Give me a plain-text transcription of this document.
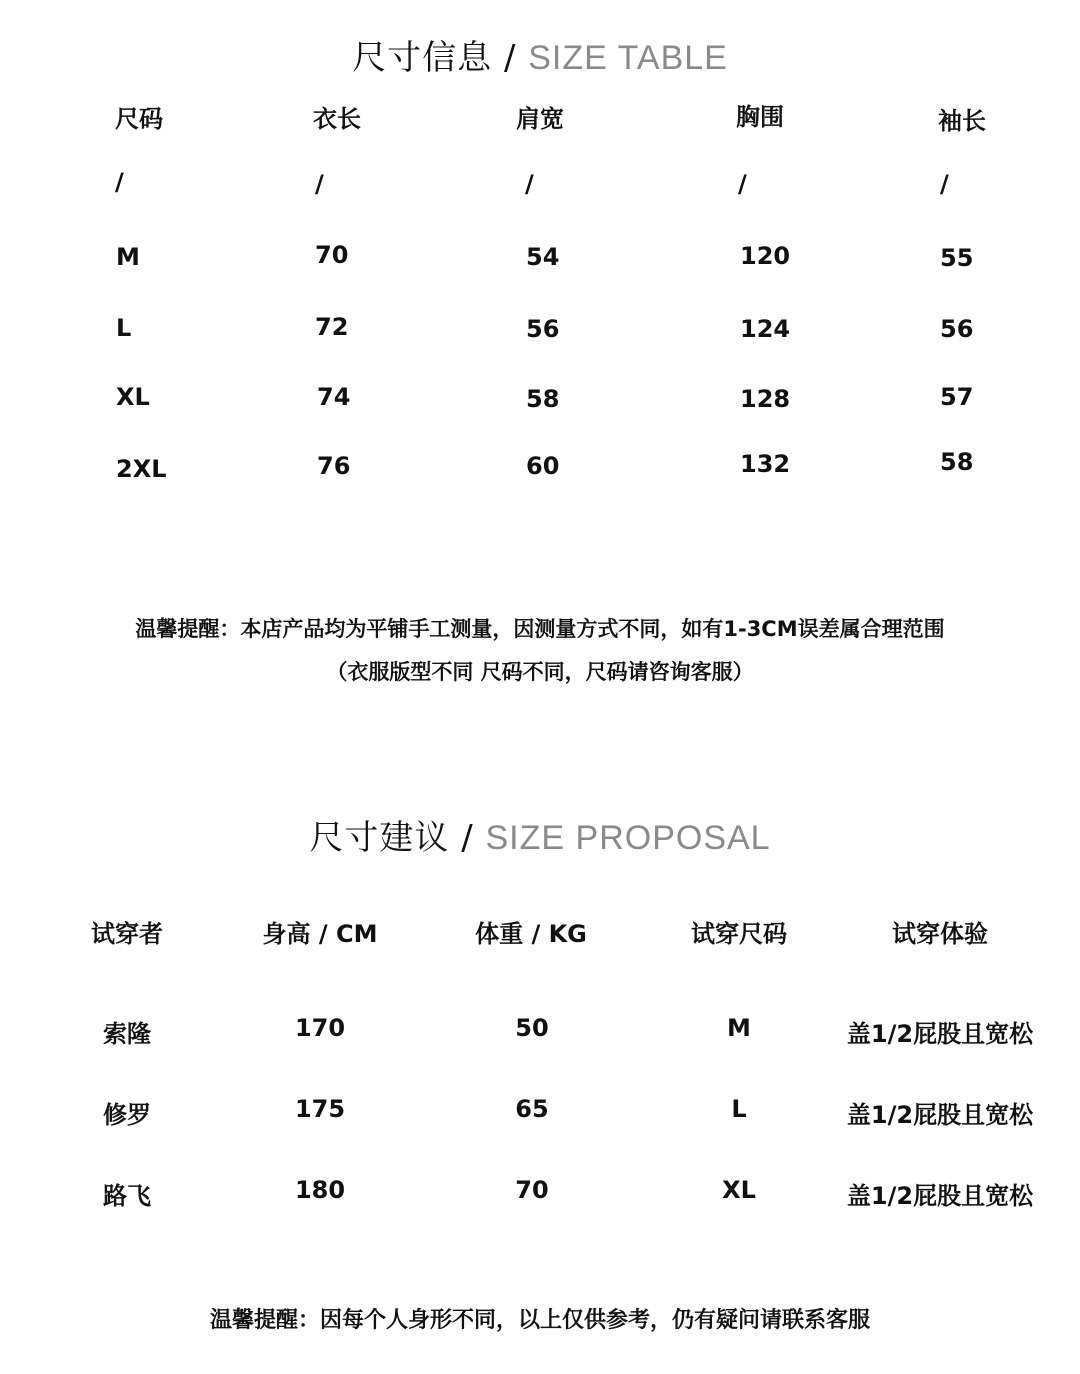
尺寸信息 / SIZE TABLE
尺码	衣长	肩宽	胸围	袖长
/	/	/	/	/
M	70	54	120	55
L	72	56	124	56
XL	74	58	128	57
2XL	76	60	132	58
温馨提醒：本店产品均为平铺手工测量，因测量方式不同，如有1-3CM误差属合理范围
（衣服版型不同 尺码不同，尺码请咨询客服）
尺寸建议 / SIZE PROPOSAL
试穿者	身高 / CM	体重 / KG	试穿尺码	试穿体验
索隆	170	50	M	盖1/2屁股且宽松
修罗	175	65	L	盖1/2屁股且宽松
路飞	180	70	XL	盖1/2屁股且宽松
温馨提醒：因每个人身形不同，以上仅供参考，仍有疑问请联系客服
